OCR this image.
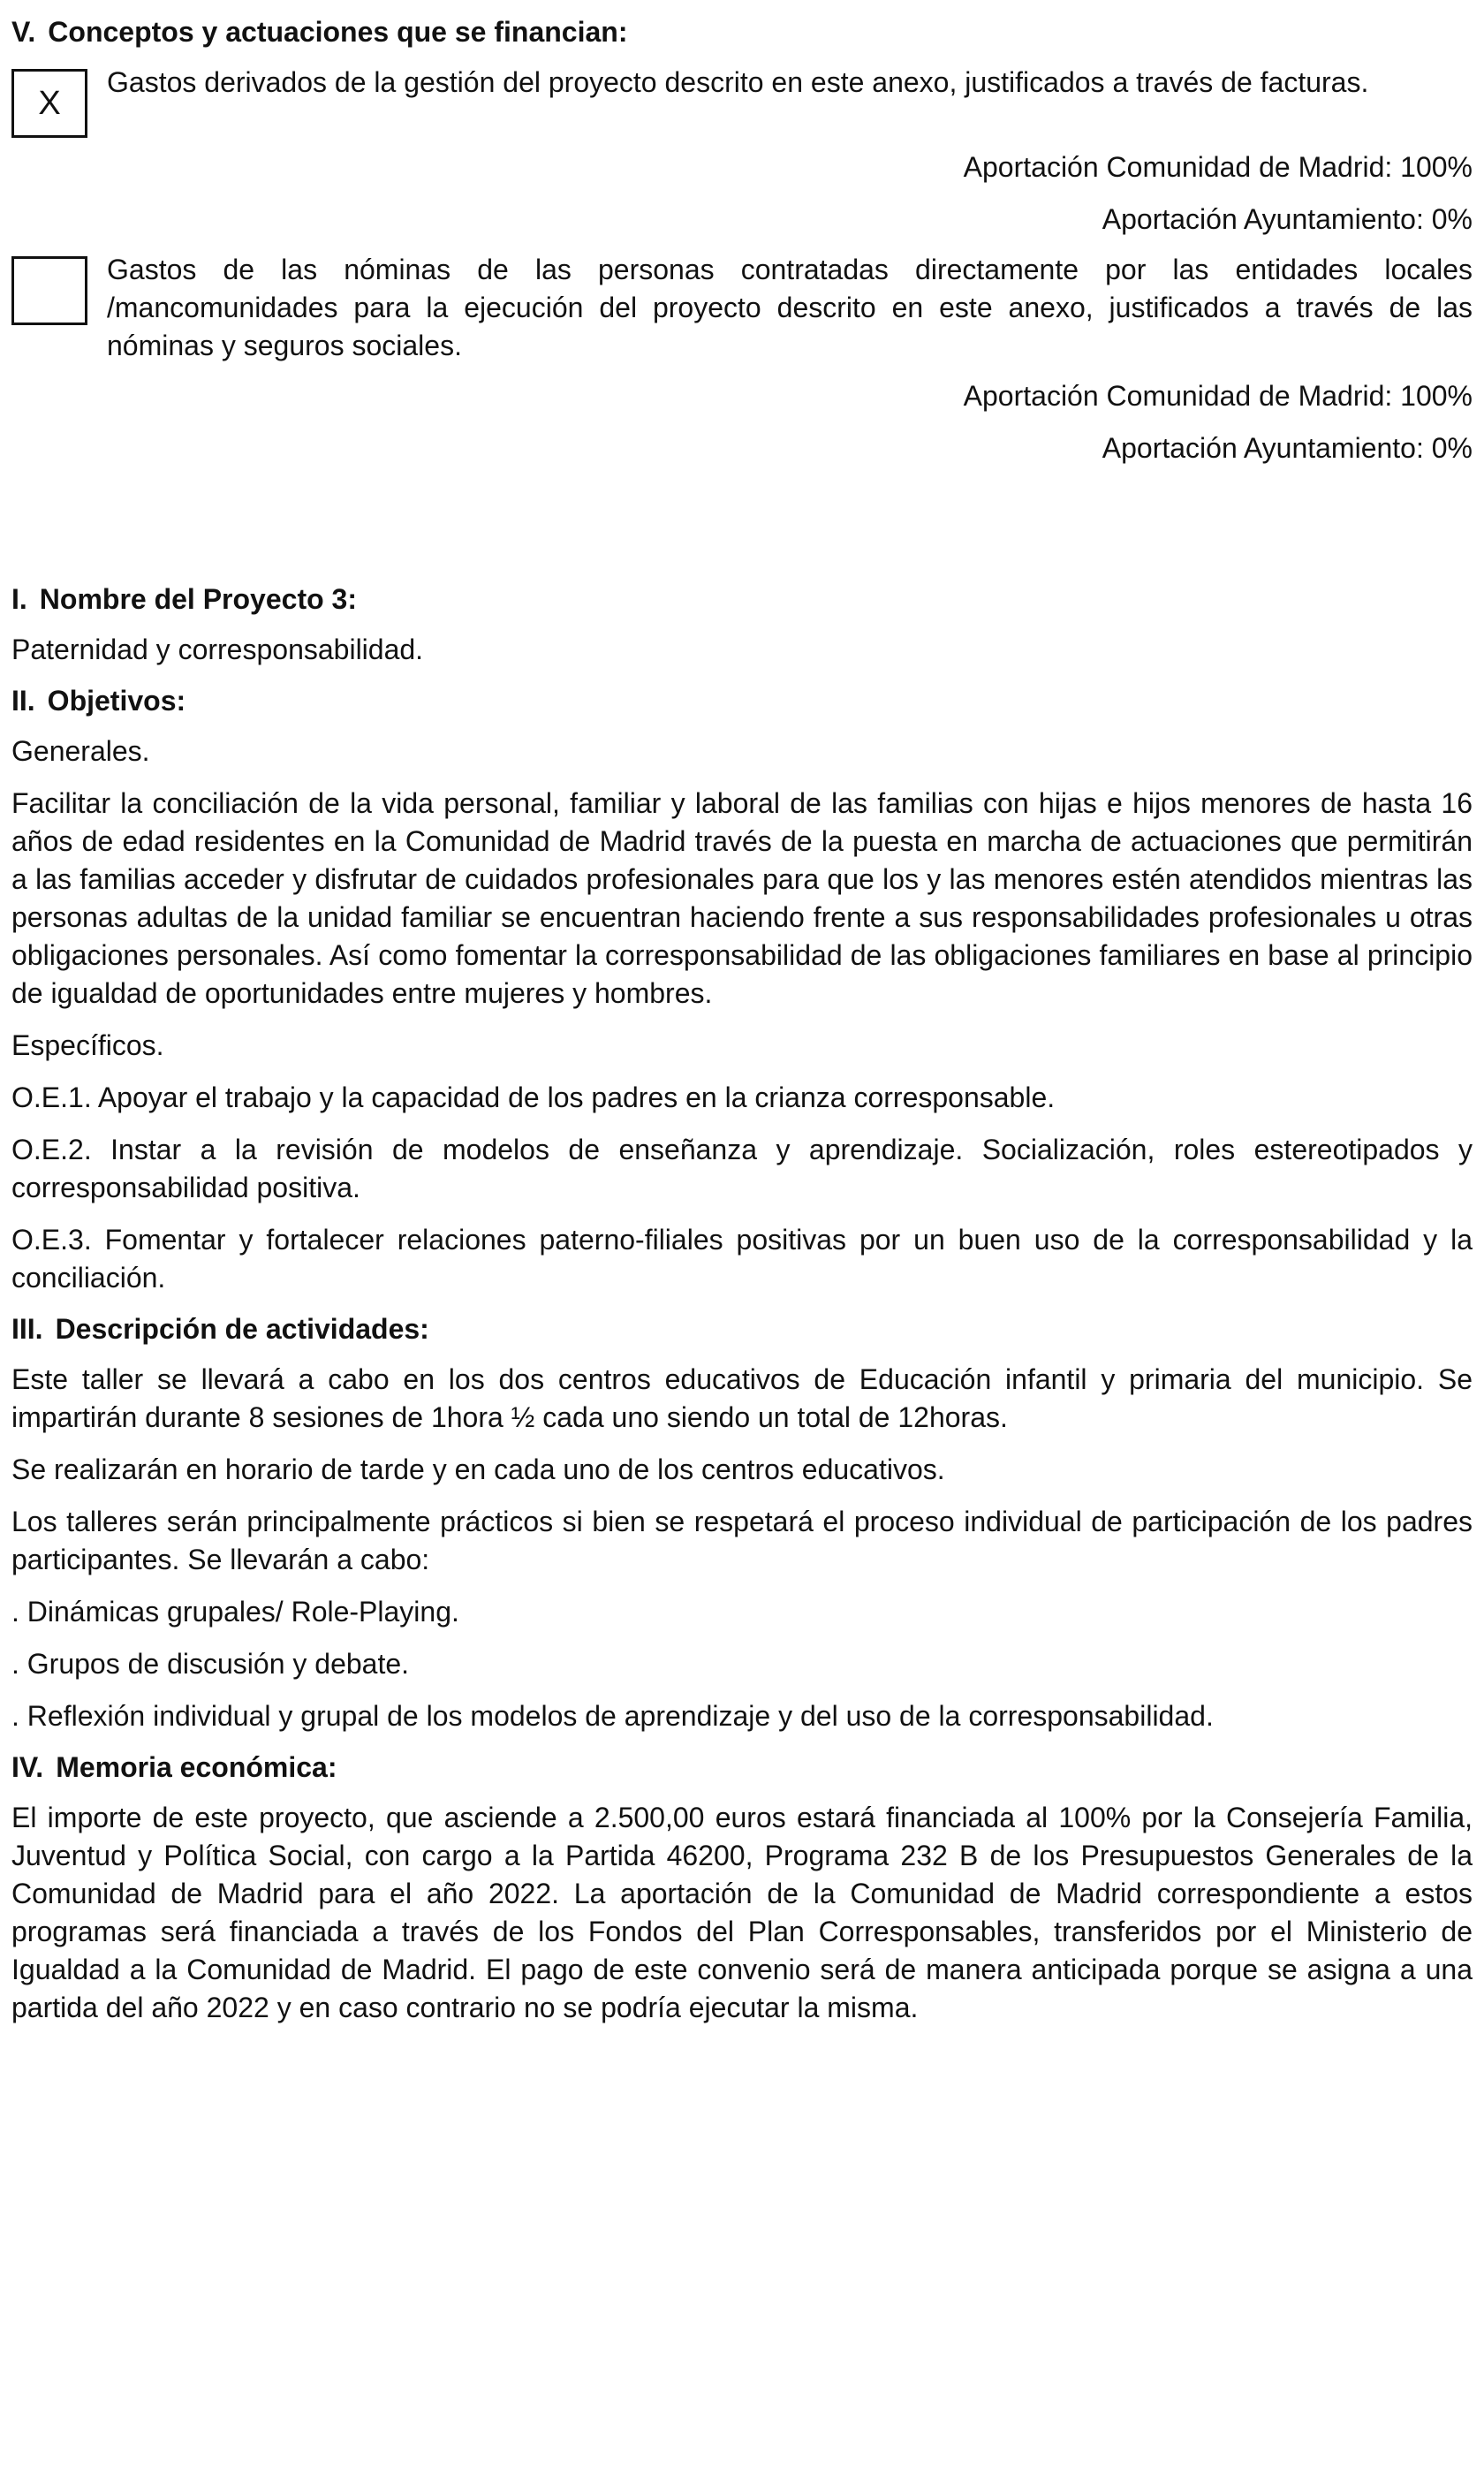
V. Conceptos y actuaciones que se financian:
X

Gastos derivados de la gestión del proyecto descrito en este anexo, justificados a través de facturas.

Aportación Comunidad de Madrid: 100%

Aportación Ayuntamiento: 0%

Gastos de las nóminas de las personas contratadas directamente por las entidades locales /mancomunidades para la ejecución del proyecto descrito en este anexo, justificados a través de las nóminas y seguros sociales.

Aportación Comunidad de Madrid: 100%

Aportación Ayuntamiento: 0%

I. Nombre del Proyecto 3:

Paternidad y corresponsabilidad.

II. Objetivos:

Generales.

Facilitar la conciliación de la vida personal, familiar y laboral de las familias con hijas e hijos menores de hasta 16 años de edad residentes en la Comunidad de Madrid través de la puesta en marcha de actuaciones que permitirán a las familias acceder y disfrutar de cuidados profesionales para que los y las menores estén atendidos mientras las personas adultas de la unidad familiar se encuentran haciendo frente a sus responsabilidades profesionales u otras obligaciones personales. Así como fomentar la corresponsabilidad de las obligaciones familiares en base al principio de igualdad de oportunidades entre mujeres y hombres.

Específicos.

O.E.1. Apoyar el trabajo y la capacidad de los padres en la crianza corresponsable.

O.E.2. Instar a la revisión de modelos de enseñanza y aprendizaje. Socialización, roles estereotipados y corresponsabilidad positiva.

O.E.3. Fomentar y fortalecer relaciones paterno-filiales positivas por un buen uso de la corresponsabilidad y la conciliación.

III. Descripción de actividades:

Este taller se llevará a cabo en los dos centros educativos de Educación infantil y primaria del municipio. Se impartirán durante 8 sesiones de 1hora ½ cada uno siendo un total de 12horas.

Se realizarán en horario de tarde y en cada uno de los centros educativos.

Los talleres serán principalmente prácticos si bien se respetará el proceso individual de participación de los padres participantes. Se llevarán a cabo:

. Dinámicas grupales/ Role-Playing.

. Grupos de discusión y debate.

. Reflexión individual y grupal de los modelos de aprendizaje y del uso de la corresponsabilidad.

IV. Memoria económica:

El importe de este proyecto, que asciende a 2.500,00 euros estará financiada al 100% por la Consejería Familia, Juventud y Política Social, con cargo a la Partida 46200, Programa 232 B de los Presupuestos Generales de la Comunidad de Madrid para el año 2022. La aportación de la Comunidad de Madrid correspondiente a estos programas será financiada a través de los Fondos del Plan Corresponsables, transferidos por el Ministerio de Igualdad a la Comunidad de Madrid. El pago de este convenio será de manera anticipada porque se asigna a una partida del año 2022 y en caso contrario no se podría ejecutar la misma.
